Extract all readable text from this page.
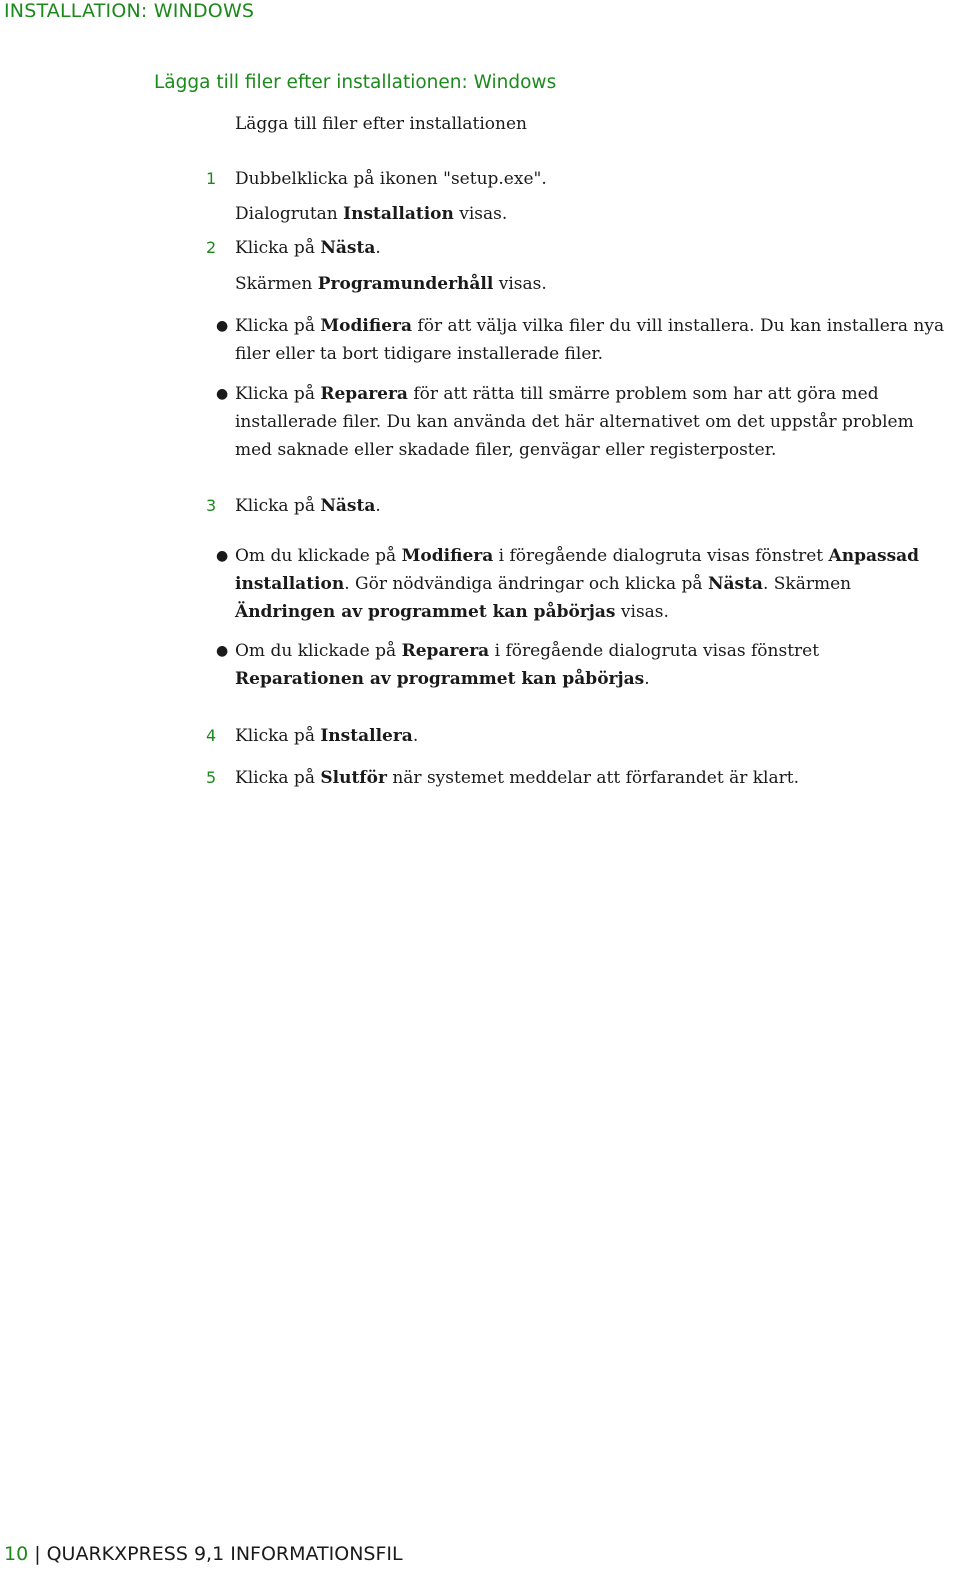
INSTALLATION: WINDOWS
Lägga till filer efter installationen: Windows
Lägga till filer efter installationen
1 Dubbelklicka på ikonen "setup.exe".
Dialogrutan Installation visas.
2 Klicka på Nästa.
Skärmen Programunderhåll visas.
● Klicka på Modifiera för att välja vilka filer du vill installera. Du kan installera nya filer eller ta bort tidigare installerade filer.
● Klicka på Reparera för att rätta till smärre problem som har att göra med installerade filer. Du kan använda det här alternativet om det uppstår problem med saknade eller skadade filer, genvägar eller registerposter.
3 Klicka på Nästa.
● Om du klickade på Modifiera i föregående dialogruta visas fönstret Anpassad installation. Gör nödvändiga ändringar och klicka på Nästa. Skärmen Ändringen av programmet kan påbörjas visas.
● Om du klickade på Reparera i föregående dialogruta visas fönstret Reparationen av programmet kan påbörjas.
4 Klicka på Installera.
5 Klicka på Slutför när systemet meddelar att förfarandet är klart.
10 | QUARKXPRESS 9,1 INFORMATIONSFIL
